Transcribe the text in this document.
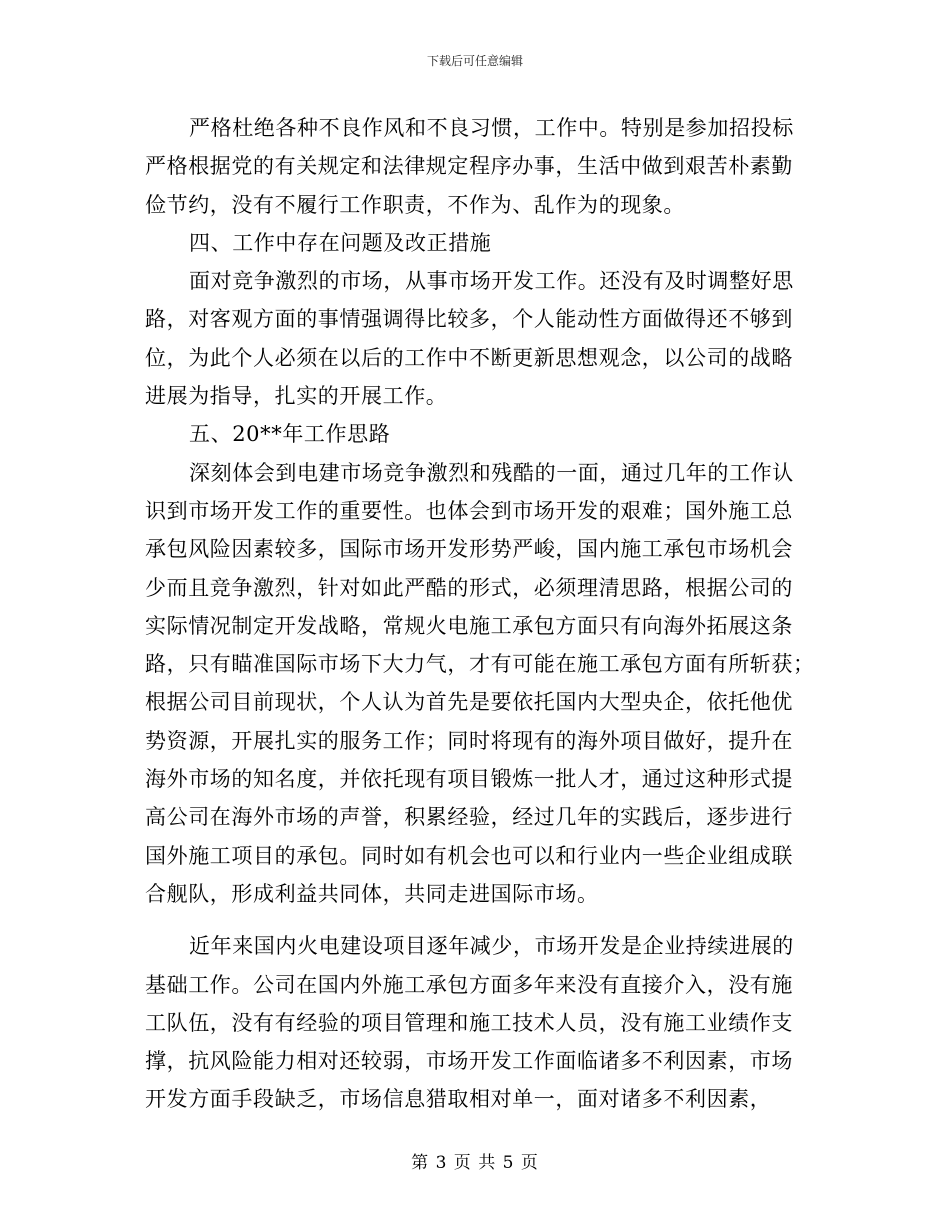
下载后可任意编辑
严格杜绝各种不良作风和不良习惯，工作中。特别是参加招投标
严格根据党的有关规定和法律规定程序办事，生活中做到艰苦朴素勤
俭节约，没有不履行工作职责，不作为、乱作为的现象。
四、工作中存在问题及改正措施
面对竞争激烈的市场，从事市场开发工作。还没有及时调整好思
路，对客观方面的事情强调得比较多，个人能动性方面做得还不够到
位，为此个人必须在以后的工作中不断更新思想观念，以公司的战略
进展为指导，扎实的开展工作。
五、20**年工作思路
深刻体会到电建市场竞争激烈和残酷的一面，通过几年的工作认
识到市场开发工作的重要性。也体会到市场开发的艰难；国外施工总
承包风险因素较多，国际市场开发形势严峻，国内施工承包市场机会
少而且竞争激烈，针对如此严酷的形式，必须理清思路，根据公司的
实际情况制定开发战略，常规火电施工承包方面只有向海外拓展这条
路，只有瞄准国际市场下大力气，才有可能在施工承包方面有所斩获；
根据公司目前现状，个人认为首先是要依托国内大型央企，依托他优
势资源，开展扎实的服务工作；同时将现有的海外项目做好，提升在
海外市场的知名度，并依托现有项目锻炼一批人才，通过这种形式提
高公司在海外市场的声誉，积累经验，经过几年的实践后，逐步进行
国外施工项目的承包。同时如有机会也可以和行业内一些企业组成联
合舰队，形成利益共同体，共同走进国际市场。
近年来国内火电建设项目逐年减少，市场开发是企业持续进展的
基础工作。公司在国内外施工承包方面多年来没有直接介入，没有施
工队伍，没有有经验的项目管理和施工技术人员，没有施工业绩作支
撑，抗风险能力相对还较弱，市场开发工作面临诸多不利因素，市场
开发方面手段缺乏，市场信息猎取相对单一，面对诸多不利因素，
第 3 页 共 5 页
